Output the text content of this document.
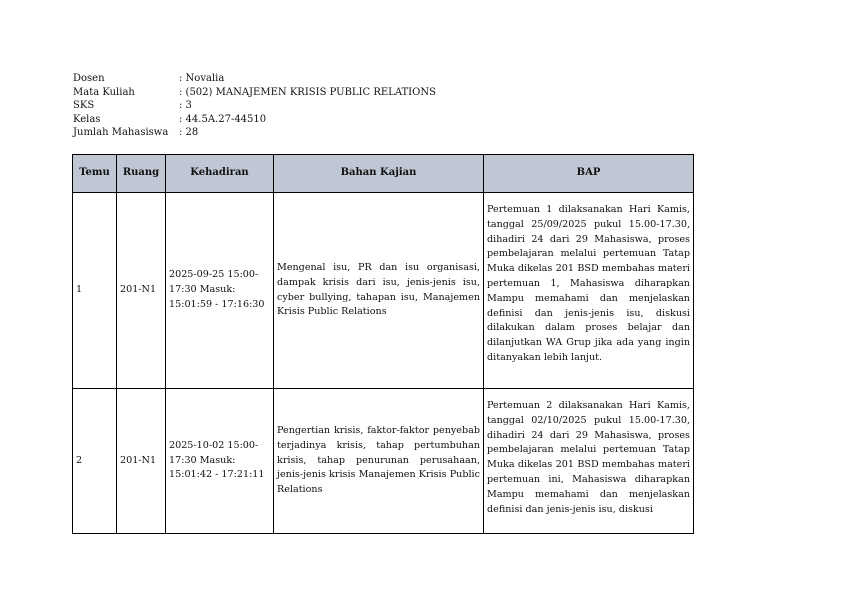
Dosen	: Novalia
Mata Kuliah	: (502) MANAJEMEN KRISIS PUBLIC RELATIONS
SKS	: 3
Kelas	: 44.5A.27-44510
Jumlah Mahasiswa	: 28
Temu	Ruang	Kehadiran	Bahan Kajian	BAP
1	201-N1	2025-09-25 15:00-17:30 Masuk: 15:01:59 - 17:16:30	Mengenal isu, PR dan isu organisasi, dampak krisis dari isu, jenis-jenis isu, cyber bullying, tahapan isu, Manajemen Krisis Public Relations	Pertemuan 1 dilaksanakan Hari Kamis, tanggal 25/09/2025 pukul 15.00-17.30, dihadiri 24 dari 29 Mahasiswa, proses pembelajaran melalui pertemuan Tatap Muka dikelas 201 BSD membahas materi pertemuan 1, Mahasiswa diharapkan Mampu memahami dan menjelaskan definisi dan jenis-jenis isu, diskusi dilakukan dalam proses belajar dan dilanjutkan WA Grup jika ada yang ingin ditanyakan lebih lanjut.
2	201-N1	2025-10-02 15:00-17:30 Masuk: 15:01:42 - 17:21:11	Pengertian krisis, faktor-faktor penyebab terjadinya krisis, tahap pertumbuhan krisis, tahap penurunan perusahaan, jenis-jenis krisis Manajemen Krisis Public Relations	Pertemuan 2 dilaksanakan Hari Kamis, tanggal 02/10/2025 pukul 15.00-17.30, dihadiri 24 dari 29 Mahasiswa, proses pembelajaran melalui pertemuan Tatap Muka dikelas 201 BSD membahas materi pertemuan ini, Mahasiswa diharapkan Mampu memahami dan menjelaskan definisi dan jenis-jenis isu, diskusi
